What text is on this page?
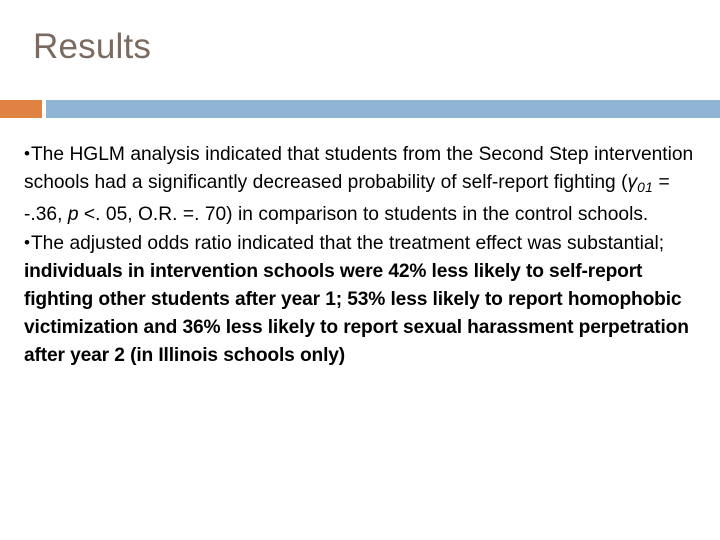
Results

•The HGLM analysis indicated that students from the Second Step intervention schools had a significantly decreased probability of self-report fighting ($\gamma_{01} = -.36$, p <. 05, O.R. =. 70) in comparison to students in the control schools.

•The adjusted odds ratio indicated that the treatment effect was substantial; individuals in intervention schools were 42% less likely to self-report fighting other students after year 1; 53% less likely to report homophobic victimization and 36% less likely to report sexual harassment perpetration after year 2 (in Illinois schools only)
